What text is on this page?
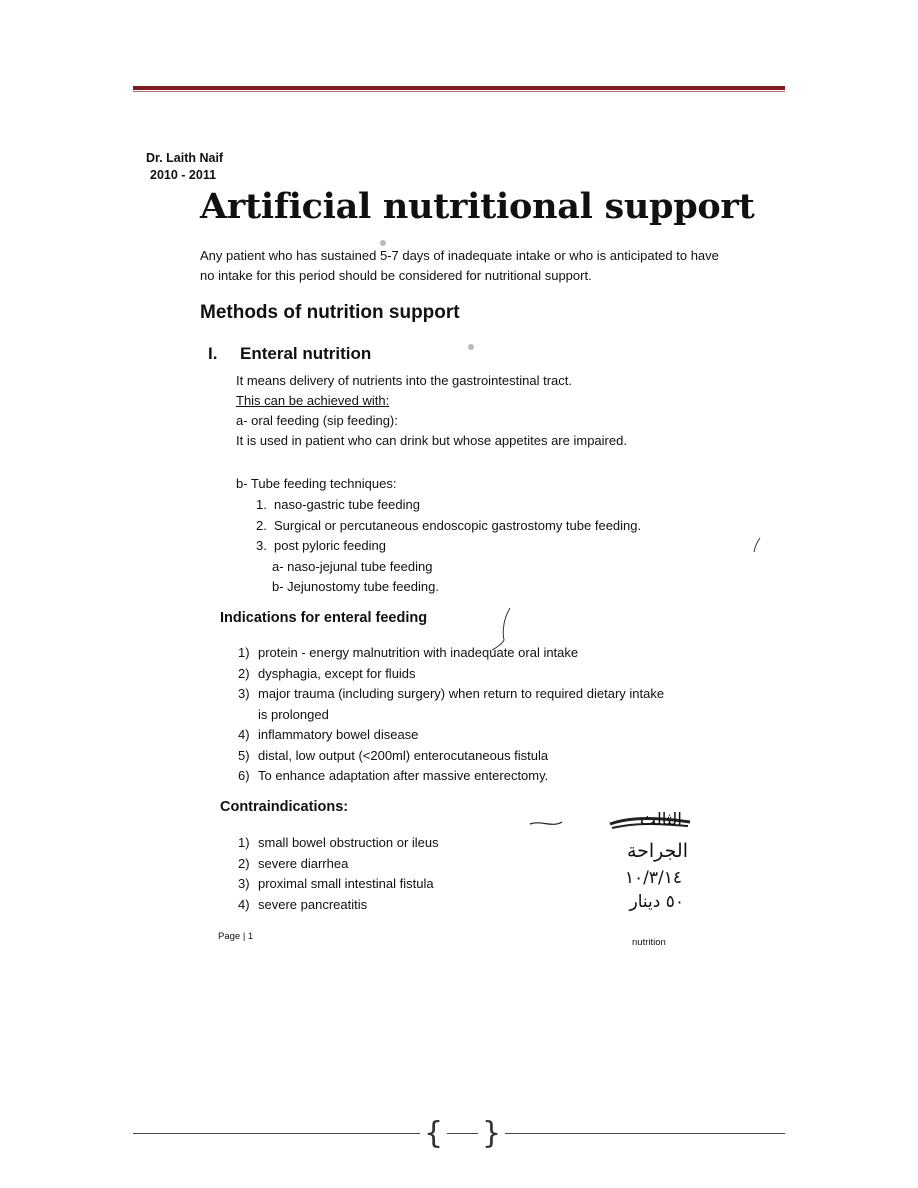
Dr. Laith Naif
2010 - 2011
Artificial nutritional support
Any patient who has sustained 5-7 days of inadequate intake or who is anticipated to have no intake for this period should be considered for nutritional support.
Methods of nutrition support
I. Enteral nutrition
It means delivery of nutrients into the gastrointestinal tract.
This can be achieved with:
a- oral feeding (sip feeding):
It is used in patient who can drink but whose appetites are impaired.
b- Tube feeding techniques:
1. naso-gastric tube feeding
2. Surgical or percutaneous endoscopic gastrostomy tube feeding.
3. post pyloric feeding
a- naso-jejunal tube feeding
b- Jejunostomy tube feeding.
Indications for enteral feeding
1) protein - energy malnutrition with inadequate oral intake
2) dysphagia, except for fluids
3) major trauma (including surgery) when return to required dietary intake
is prolonged
4) inflammatory bowel disease
5) distal, low output (<200ml) enterocutaneous fistula
6) To enhance adaptation after massive enterectomy.
Contraindications:
1) small bowel obstruction or ileus
2) severe diarrhea
3) proximal small intestinal fistula
4) severe pancreatitis
الثالث
الجراحة
١٠/٣/١٤
٥٠ دينار
Page | 1
nutrition
{ }
